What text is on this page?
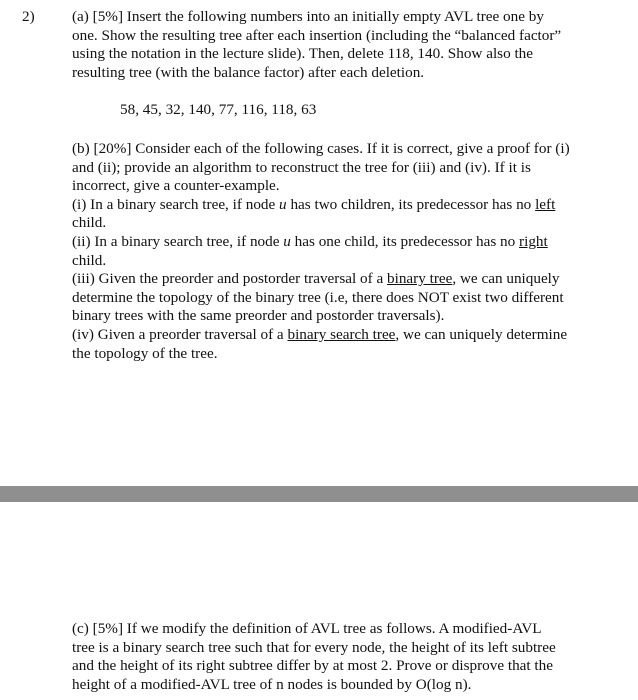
2) (a) [5%] Insert the following numbers into an initially empty AVL tree one by
one. Show the resulting tree after each insertion (including the “balanced factor”
using the notation in the lecture slide). Then, delete 118, 140. Show also the
resulting tree (with the balance factor) after each deletion.
58, 45, 32, 140, 77, 116, 118, 63
(b) [20%] Consider each of the following cases. If it is correct, give a proof for (i)
and (ii); provide an algorithm to reconstruct the tree for (iii) and (iv). If it is
incorrect, give a counter-example.
(i) In a binary search tree, if node u has two children, its predecessor has no left
child.
(ii) In a binary search tree, if node u has one child, its predecessor has no right
child.
(iii) Given the preorder and postorder traversal of a binary tree, we can uniquely
determine the topology of the binary tree (i.e, there does NOT exist two different
binary trees with the same preorder and postorder traversals).
(iv) Given a preorder traversal of a binary search tree, we can uniquely determine
the topology of the tree.
(c) [5%] If we modify the definition of AVL tree as follows. A modified-AVL
tree is a binary search tree such that for every node, the height of its left subtree
and the height of its right subtree differ by at most 2. Prove or disprove that the
height of a modified-AVL tree of n nodes is bounded by O(log n).
